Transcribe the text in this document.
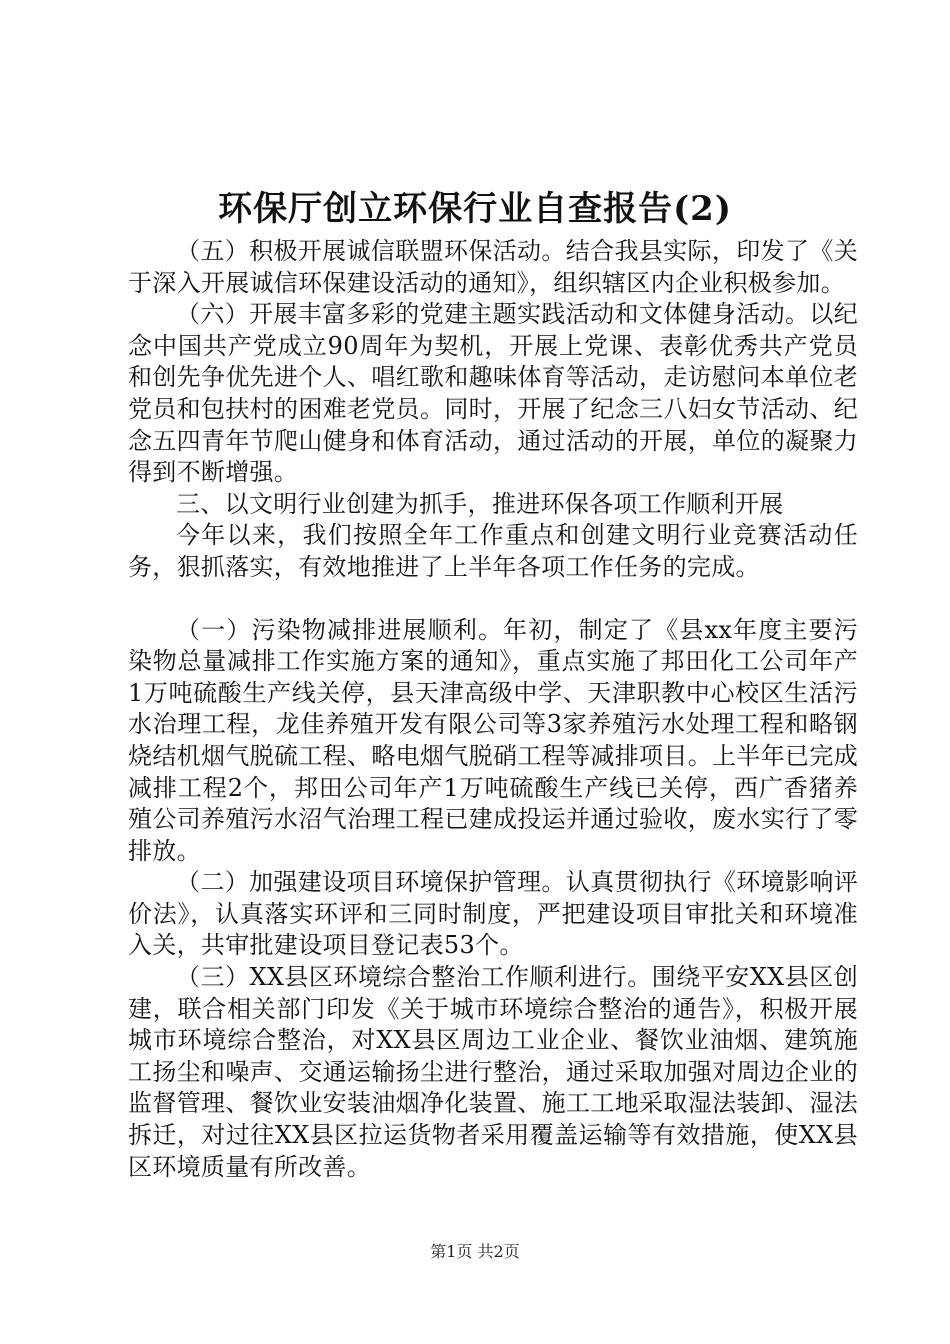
环保厅创立环保行业自查报告(2)

（五）积极开展诚信联盟环保活动。结合我县实际，印发了《关于深入开展诚信环保建设活动的通知》，组织辖区内企业积极参加。

（六）开展丰富多彩的党建主题实践活动和文体健身活动。以纪念中国共产党成立90周年为契机，开展上党课、表彰优秀共产党员和创先争优先进个人、唱红歌和趣味体育等活动，走访慰问本单位老党员和包扶村的困难老党员。同时，开展了纪念三八妇女节活动、纪念五四青年节爬山健身和体育活动，通过活动的开展，单位的凝聚力得到不断增强。

三、以文明行业创建为抓手，推进环保各项工作顺利开展

今年以来，我们按照全年工作重点和创建文明行业竞赛活动任务，狠抓落实，有效地推进了上半年各项工作任务的完成。

（一）污染物减排进展顺利。年初，制定了《县xx年度主要污染物总量减排工作实施方案的通知》，重点实施了邦田化工公司年产1万吨硫酸生产线关停，县天津高级中学、天津职教中心校区生活污水治理工程，龙佳养殖开发有限公司等3家养殖污水处理工程和略钢烧结机烟气脱硫工程、略电烟气脱硝工程等减排项目。上半年已完成减排工程2个，邦田公司年产1万吨硫酸生产线已关停，西广香猪养殖公司养殖污水沼气治理工程已建成投运并通过验收，废水实行了零排放。

（二）加强建设项目环境保护管理。认真贯彻执行《环境影响评价法》，认真落实环评和三同时制度，严把建设项目审批关和环境准入关，共审批建设项目登记表53个。

（三）XX县区环境综合整治工作顺利进行。围绕平安XX县区创建，联合相关部门印发《关于城市环境综合整治的通告》，积极开展城市环境综合整治，对XX县区周边工业企业、餐饮业油烟、建筑施工扬尘和噪声、交通运输扬尘进行整治，通过采取加强对周边企业的监督管理、餐饮业安装油烟净化装置、施工工地采取湿法装卸、湿法拆迁，对过往XX县区拉运货物者采用覆盖运输等有效措施，使XX县区环境质量有所改善。

第1页 共2页
